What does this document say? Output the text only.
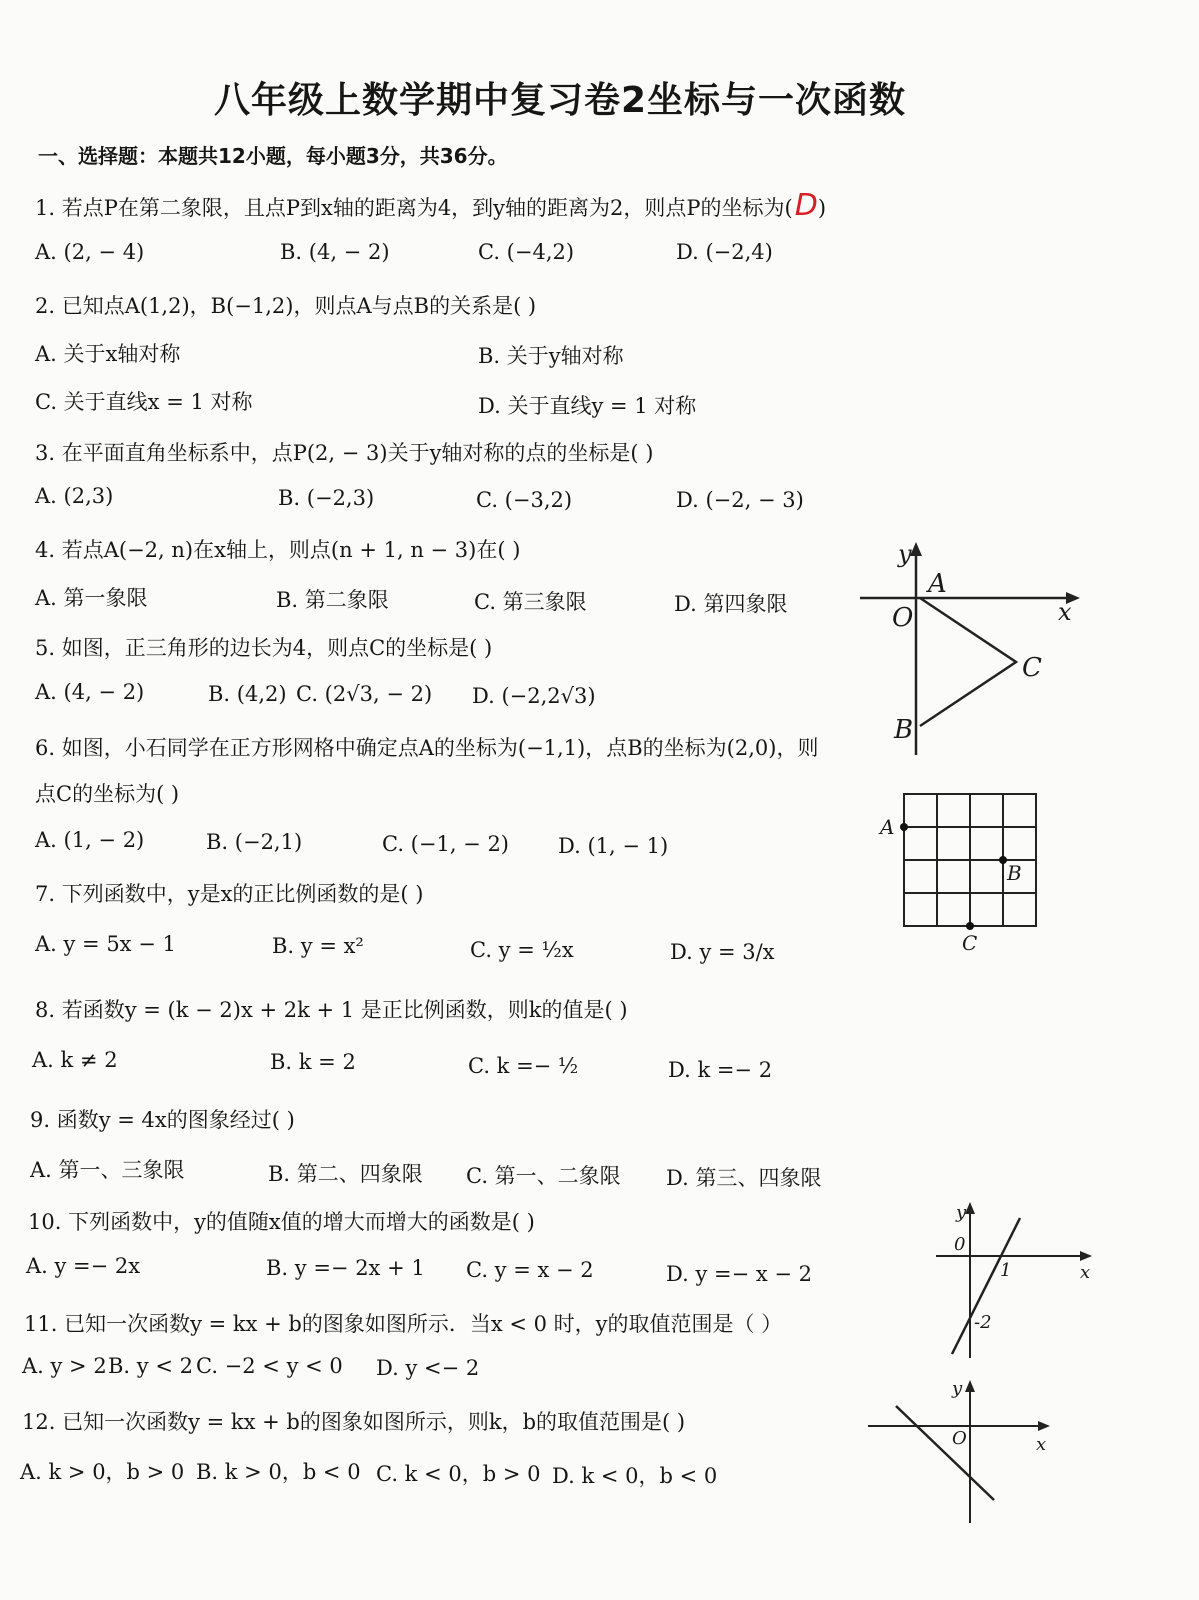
八年级上数学期中复习卷2坐标与一次函数
一、选择题：本题共12小题，每小题3分，共36分。
1. 若点P在第二象限，且点P到x轴的距离为4，到y轴的距离为2，则点P的坐标为(D)
A. (2, − 4)	B. (4, − 2)	C. (−4,2)	D. (−2,4)
2. 已知点A(1,2)，B(−1,2)，则点A与点B的关系是( )
A. 关于x轴对称	B. 关于y轴对称
C. 关于直线x = 1 对称	D. 关于直线y = 1 对称
3. 在平面直角坐标系中，点P(2, − 3)关于y轴对称的点的坐标是( )
A. (2,3)	B. (−2,3)	C. (−3,2)	D. (−2, − 3)
4. 若点A(−2, n)在x轴上，则点(n + 1, n − 3)在( )
A. 第一象限	B. 第二象限	C. 第三象限	D. 第四象限
5. 如图，正三角形的边长为4，则点C的坐标是( )
A. (4, − 2)	B. (4,2) C. (2√3, − 2) D. (−2,2√3)
6. 如图，小石同学在正方形网格中确定点A的坐标为(−1,1)，点B的坐标为(2,0)，则
点C的坐标为( )
A. (1, − 2)	B. (−2,1)	C. (−1, − 2) D. (1, − 1)
7. 下列函数中，y是x的正比例函数的是( )
A. y = 5x − 1	B. y = x²	C. y = ½x	D. y = 3/x
8. 若函数y = (k − 2)x + 2k + 1 是正比例函数，则k的值是( )
A. k ≠ 2	B. k = 2	C. k =− ½	D. k =− 2
9. 函数y = 4x的图象经过( )
A. 第一、三象限	B. 第二、四象限 C. 第一、二象限 D. 第三、四象限
10. 下列函数中，y的值随x值的增大而增大的函数是( )
A. y =− 2x	B. y =− 2x + 1 C. y = x − 2	D. y =− x − 2
11. 已知一次函数y = kx + b的图象如图所示．当x < 0 时，y的取值范围是（ ）
A. y > 2 B. y < 2 C. −2 < y < 0 D. y <− 2
12. 已知一次函数y = kx + b的图象如图所示，则k，b的取值范围是( )
A. k > 0，b > 0 B. k > 0，b < 0 C. k < 0，b > 0 D. k < 0，b < 0
y
x
O
A
B
C
A
B
C
y
x
0
1
-2
y
x
O
